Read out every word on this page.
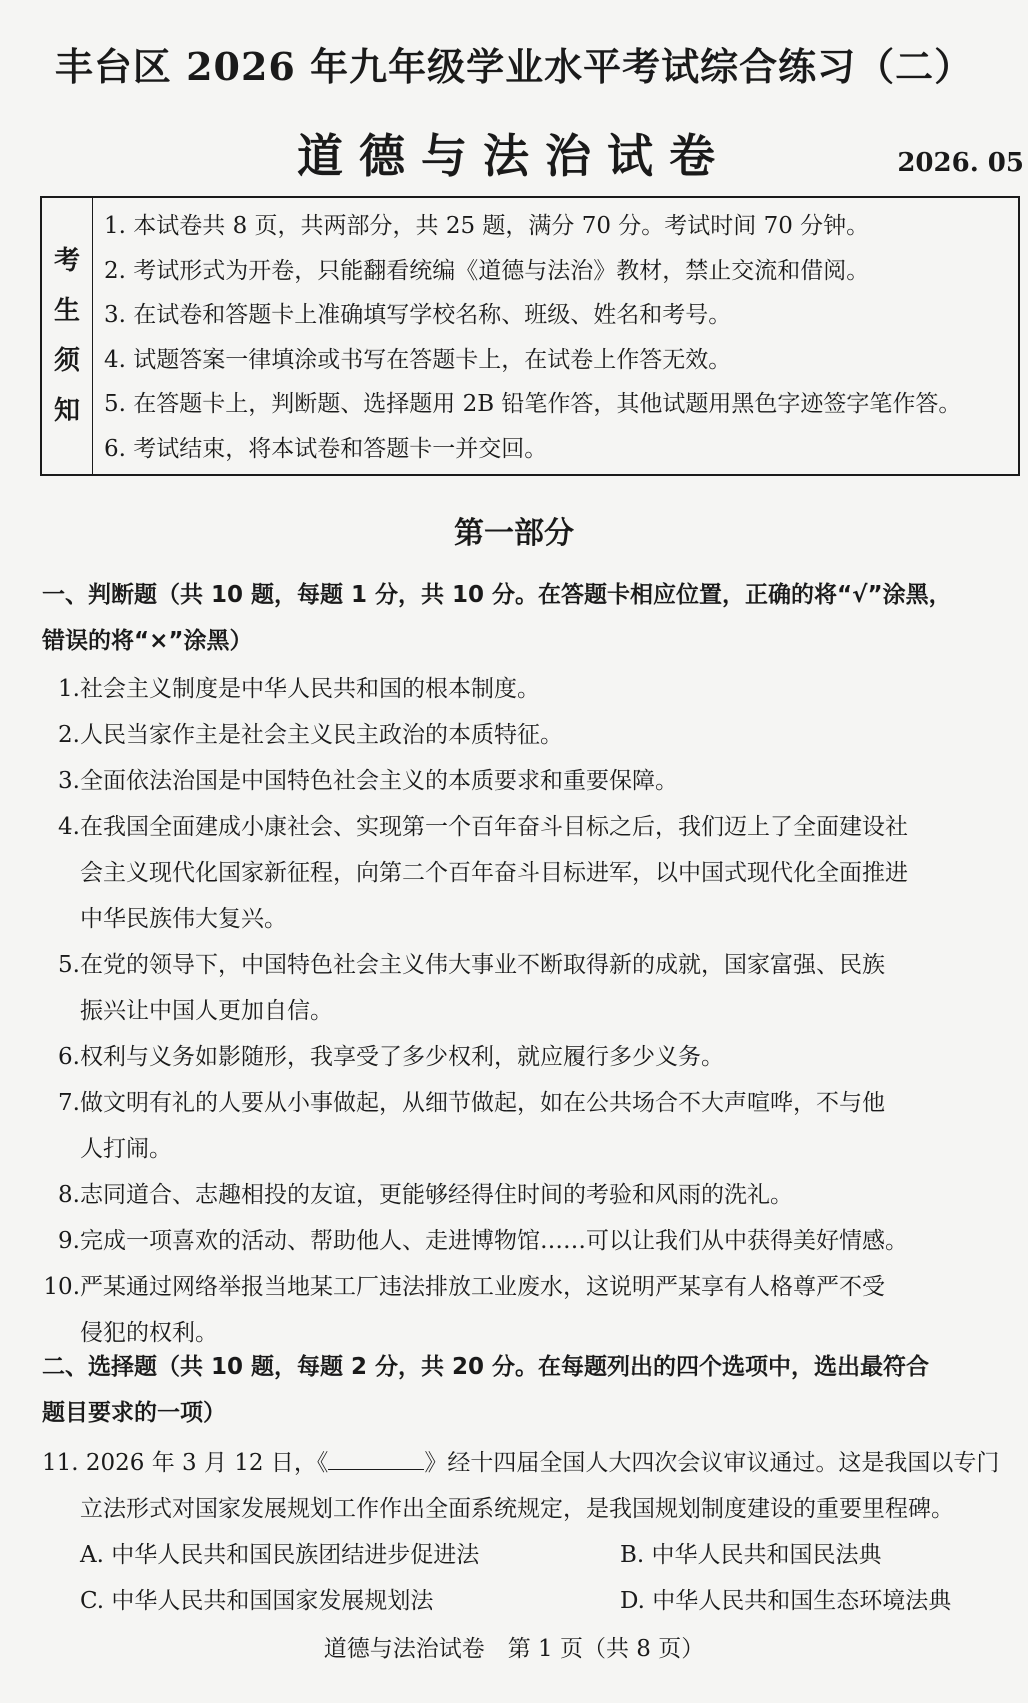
丰台区 2026 年九年级学业水平考试综合练习（二）
道德与法治试卷	2026. 05
考
生
须
知
1. 本试卷共 8 页，共两部分，共 25 题，满分 70 分。考试时间 70 分钟。
2. 考试形式为开卷，只能翻看统编《道德与法治》教材，禁止交流和借阅。
3. 在试卷和答题卡上准确填写学校名称、班级、姓名和考号。
4. 试题答案一律填涂或书写在答题卡上，在试卷上作答无效。
5. 在答题卡上，判断题、选择题用 2B 铅笔作答，其他试题用黑色字迹签字笔作答。
6. 考试结束，将本试卷和答题卡一并交回。
第一部分
一、判断题（共 10 题，每题 1 分，共 10 分。在答题卡相应位置，正确的将“√”涂黑，
错误的将“×”涂黑）
1. 社会主义制度是中华人民共和国的根本制度。
2. 人民当家作主是社会主义民主政治的本质特征。
3. 全面依法治国是中国特色社会主义的本质要求和重要保障。
4. 在我国全面建成小康社会、实现第一个百年奋斗目标之后，我们迈上了全面建设社
会主义现代化国家新征程，向第二个百年奋斗目标进军，以中国式现代化全面推进
中华民族伟大复兴。
5. 在党的领导下，中国特色社会主义伟大事业不断取得新的成就，国家富强、民族
振兴让中国人更加自信。
6. 权利与义务如影随形，我享受了多少权利，就应履行多少义务。
7. 做文明有礼的人要从小事做起，从细节做起，如在公共场合不大声喧哗，不与他
人打闹。
8. 志同道合、志趣相投的友谊，更能够经得住时间的考验和风雨的洗礼。
9. 完成一项喜欢的活动、帮助他人、走进博物馆……可以让我们从中获得美好情感。
10. 严某通过网络举报当地某工厂违法排放工业废水，这说明严某享有人格尊严不受
侵犯的权利。
二、选择题（共 10 题，每题 2 分，共 20 分。在每题列出的四个选项中，选出最符合
题目要求的一项）
11. 2026 年 3 月 12 日，《	》经十四届全国人大四次会议审议通过。这是我国以专门
立法形式对国家发展规划工作作出全面系统规定，是我国规划制度建设的重要里程碑。
A. 中华人民共和国民族团结进步促进法	B. 中华人民共和国民法典
C. 中华人民共和国国家发展规划法	D. 中华人民共和国生态环境法典
道德与法治试卷　第 1 页（共 8 页）
